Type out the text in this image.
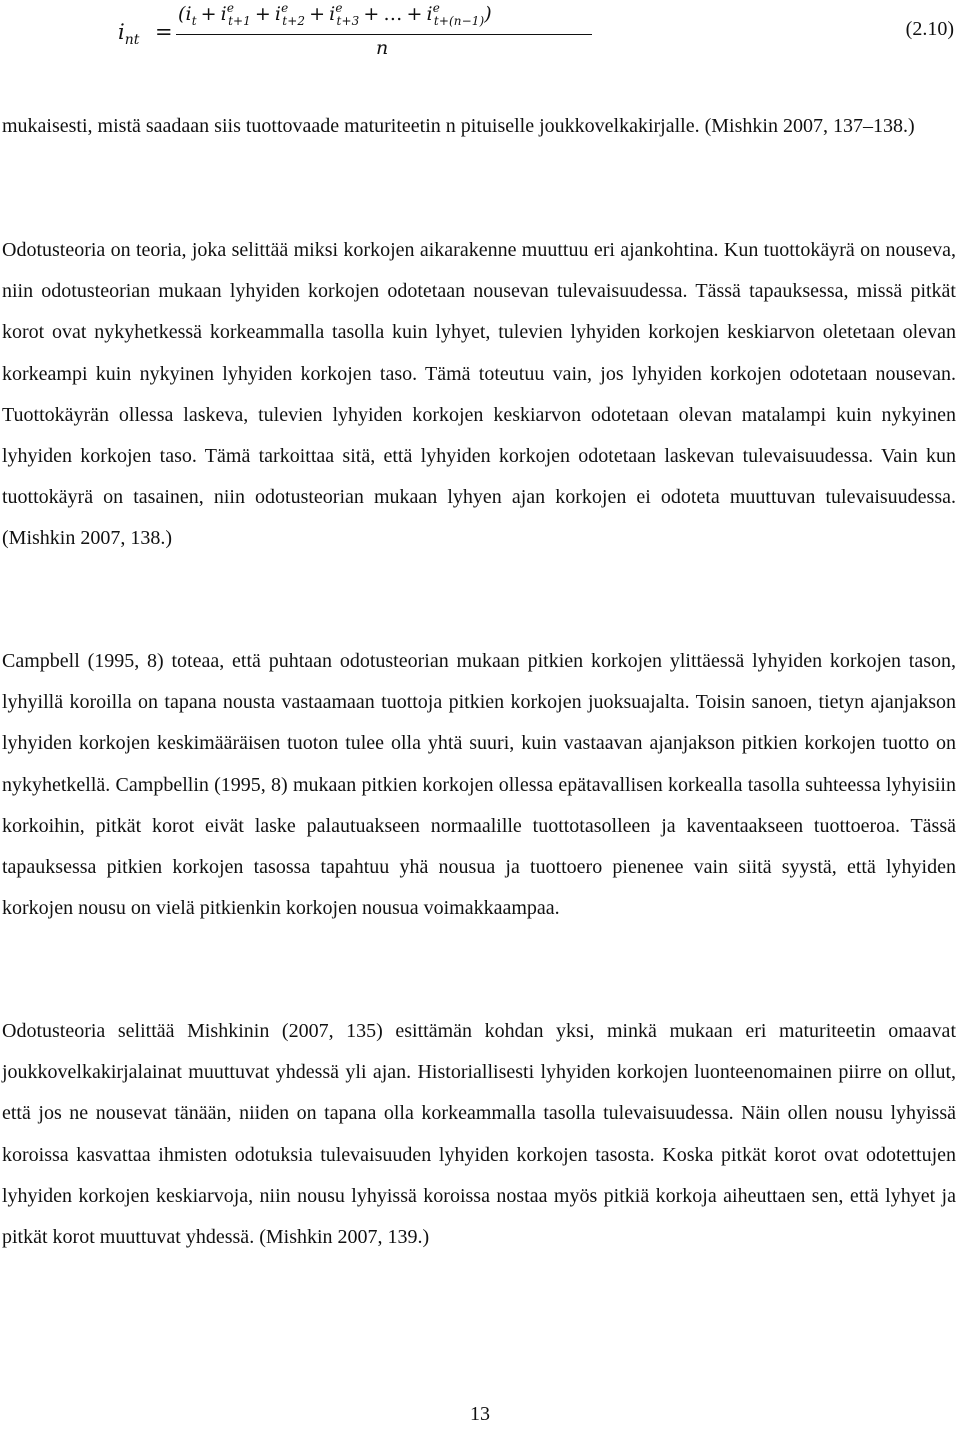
$i_{nt}$ =
($i_t + i^e_{t+1} + i^e_{t+2} + i^e_{t+3}$ + … + $i^e_{t+(n-1)}$)
n
(2.10)

mukaisesti, mistä saadaan siis tuottovaade maturiteetin n pituiselle joukkovelkakirjalle. (Mishkin 2007, 137–138.)

Odotusteoria on teoria, joka selittää miksi korkojen aikarakenne muuttuu eri ajankohtina. Kun tuottokäyrä on nouseva, niin odotusteorian mukaan lyhyiden korkojen odotetaan nousevan tulevaisuudessa. Tässä tapauksessa, missä pitkät korot ovat nykyhetkessä korkeammalla tasolla kuin lyhyet, tulevien lyhyiden korkojen keskiarvon oletetaan olevan korkeampi kuin nykyinen lyhyiden korkojen taso. Tämä toteutuu vain, jos lyhyiden korkojen odotetaan nousevan. Tuottokäyrän ollessa laskeva, tulevien lyhyiden korkojen keskiarvon odotetaan olevan matalampi kuin nykyinen lyhyiden korkojen taso. Tämä tarkoittaa sitä, että lyhyiden korkojen odotetaan laskevan tulevaisuudessa. Vain kun tuottokäyrä on tasainen, niin odotusteorian mukaan lyhyen ajan korkojen ei odoteta muuttuvan tulevaisuudessa. (Mishkin 2007, 138.)

Campbell (1995, 8) toteaa, että puhtaan odotusteorian mukaan pitkien korkojen ylittäessä lyhyiden korkojen tason, lyhyillä koroilla on tapana nousta vastaamaan tuottoja pitkien korkojen juoksuajalta. Toisin sanoen, tietyn ajanjakson lyhyiden korkojen keskimääräisen tuoton tulee olla yhtä suuri, kuin vastaavan ajanjakson pitkien korkojen tuotto on nykyhetkellä. Campbellin (1995, 8) mukaan pitkien korkojen ollessa epätavallisen korkealla tasolla suhteessa lyhyisiin korkoihin, pitkät korot eivät laske palautuakseen normaalille tuottotasolleen ja kaventaakseen tuottoeroa. Tässä tapauksessa pitkien korkojen tasossa tapahtuu yhä nousua ja tuottoero pienenee vain siitä syystä, että lyhyiden korkojen nousu on vielä pitkienkin korkojen nousua voimakkaampaa.

Odotusteoria selittää Mishkinin (2007, 135) esittämän kohdan yksi, minkä mukaan eri maturiteetin omaavat joukkovelkakirjalainat muuttuvat yhdessä yli ajan. Historiallisesti lyhyiden korkojen luonteenomainen piirre on ollut, että jos ne nousevat tänään, niiden on tapana olla korkeammalla tasolla tulevaisuudessa. Näin ollen nousu lyhyissä koroissa kasvattaa ihmisten odotuksia tulevaisuuden lyhyiden korkojen tasosta. Koska pitkät korot ovat odotettujen lyhyiden korkojen keskiarvoja, niin nousu lyhyissä koroissa nostaa myös pitkiä korkoja aiheuttaen sen, että lyhyet ja pitkät korot muuttuvat yhdessä. (Mishkin 2007, 139.)

13
